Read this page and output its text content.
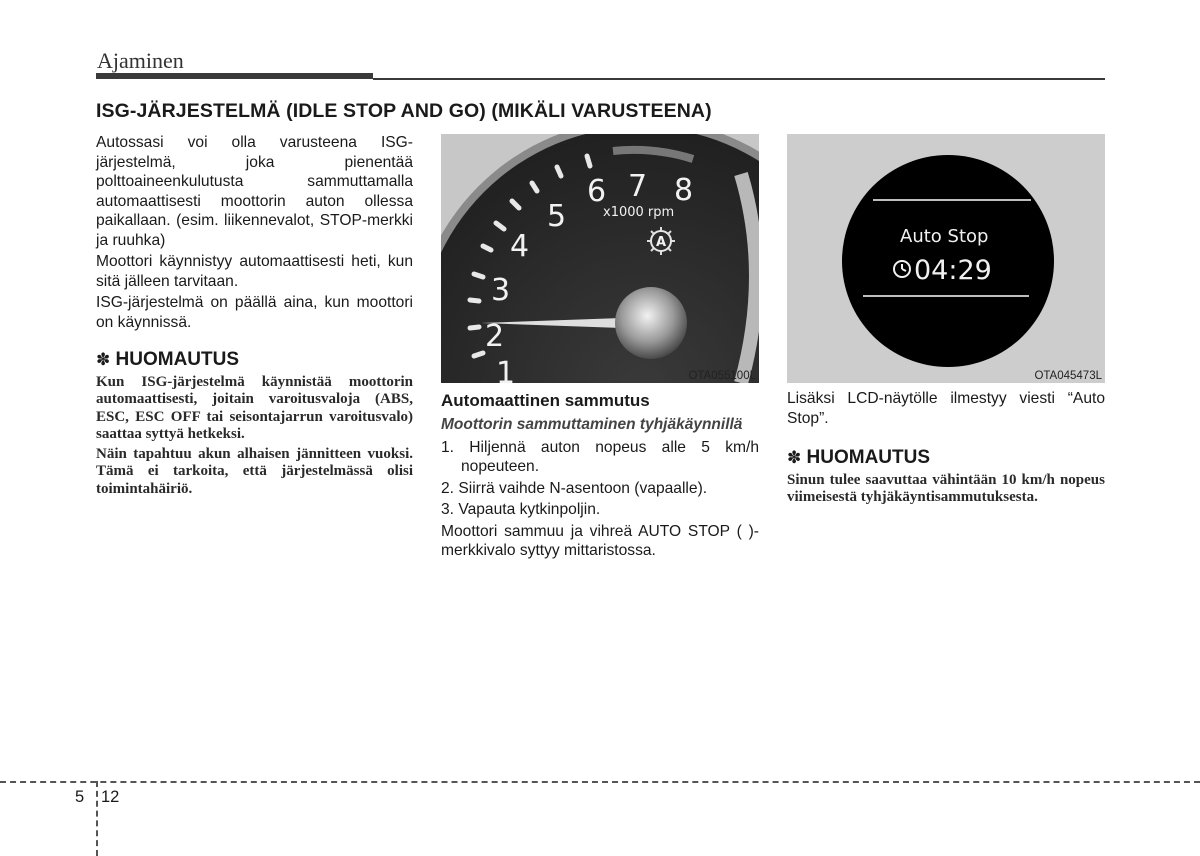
Ajaminen
ISG-JÄRJESTELMÄ (IDLE STOP AND GO) (MIKÄLI VARUSTEENA)

Autossasi voi olla varusteena ISG-järjestelmä, joka pienentää polttoaineenkulutusta sammuttamalla automaattisesti moottorin auton ollessa paikallaan. (esim. liikennevalot, STOP-merkki ja ruuhka)

Moottori käynnistyy automaattisesti heti, kun sitä jälleen tarvitaan.

ISG-järjestelmä on päällä aina, kun moottori on käynnissä.

✽ HUOMAUTUS

Kun ISG-järjestelmä käynnistää moottorin automaattisesti, joitain varoitusvaloja (ABS, ESC, ESC OFF tai seisontajarrun varoitusvalo) saattaa syttyä hetkeksi.

Näin tapahtuu akun alhaisen jännitteen vuoksi. Tämä ei tarkoita, että järjestelmässä olisi toimintahäiriö.

1
2
3
4
5
6 7 8
x1000 rpm
A
OTA055100L
Automaattinen sammutus
Moottorin sammuttaminen tyhjäkäynnillä

1. Hiljennä auton nopeus alle 5 km/h nopeuteen.

2. Siirrä vaihde N-asentoon (vapaalle).

3. Vapauta kytkinpoljin.

Moottori sammuu ja vihreä AUTO STOP ( )-merkkivalo syttyy mittaristossa.

Auto Stop
04:29
OTA045473L

Lisäksi LCD-näytölle ilmestyy viesti “Auto Stop”.

✽ HUOMAUTUS

Sinun tulee saavuttaa vähintään 10 km/h nopeus viimeisestä tyhjäkäyntisammutuksesta.

5 12
